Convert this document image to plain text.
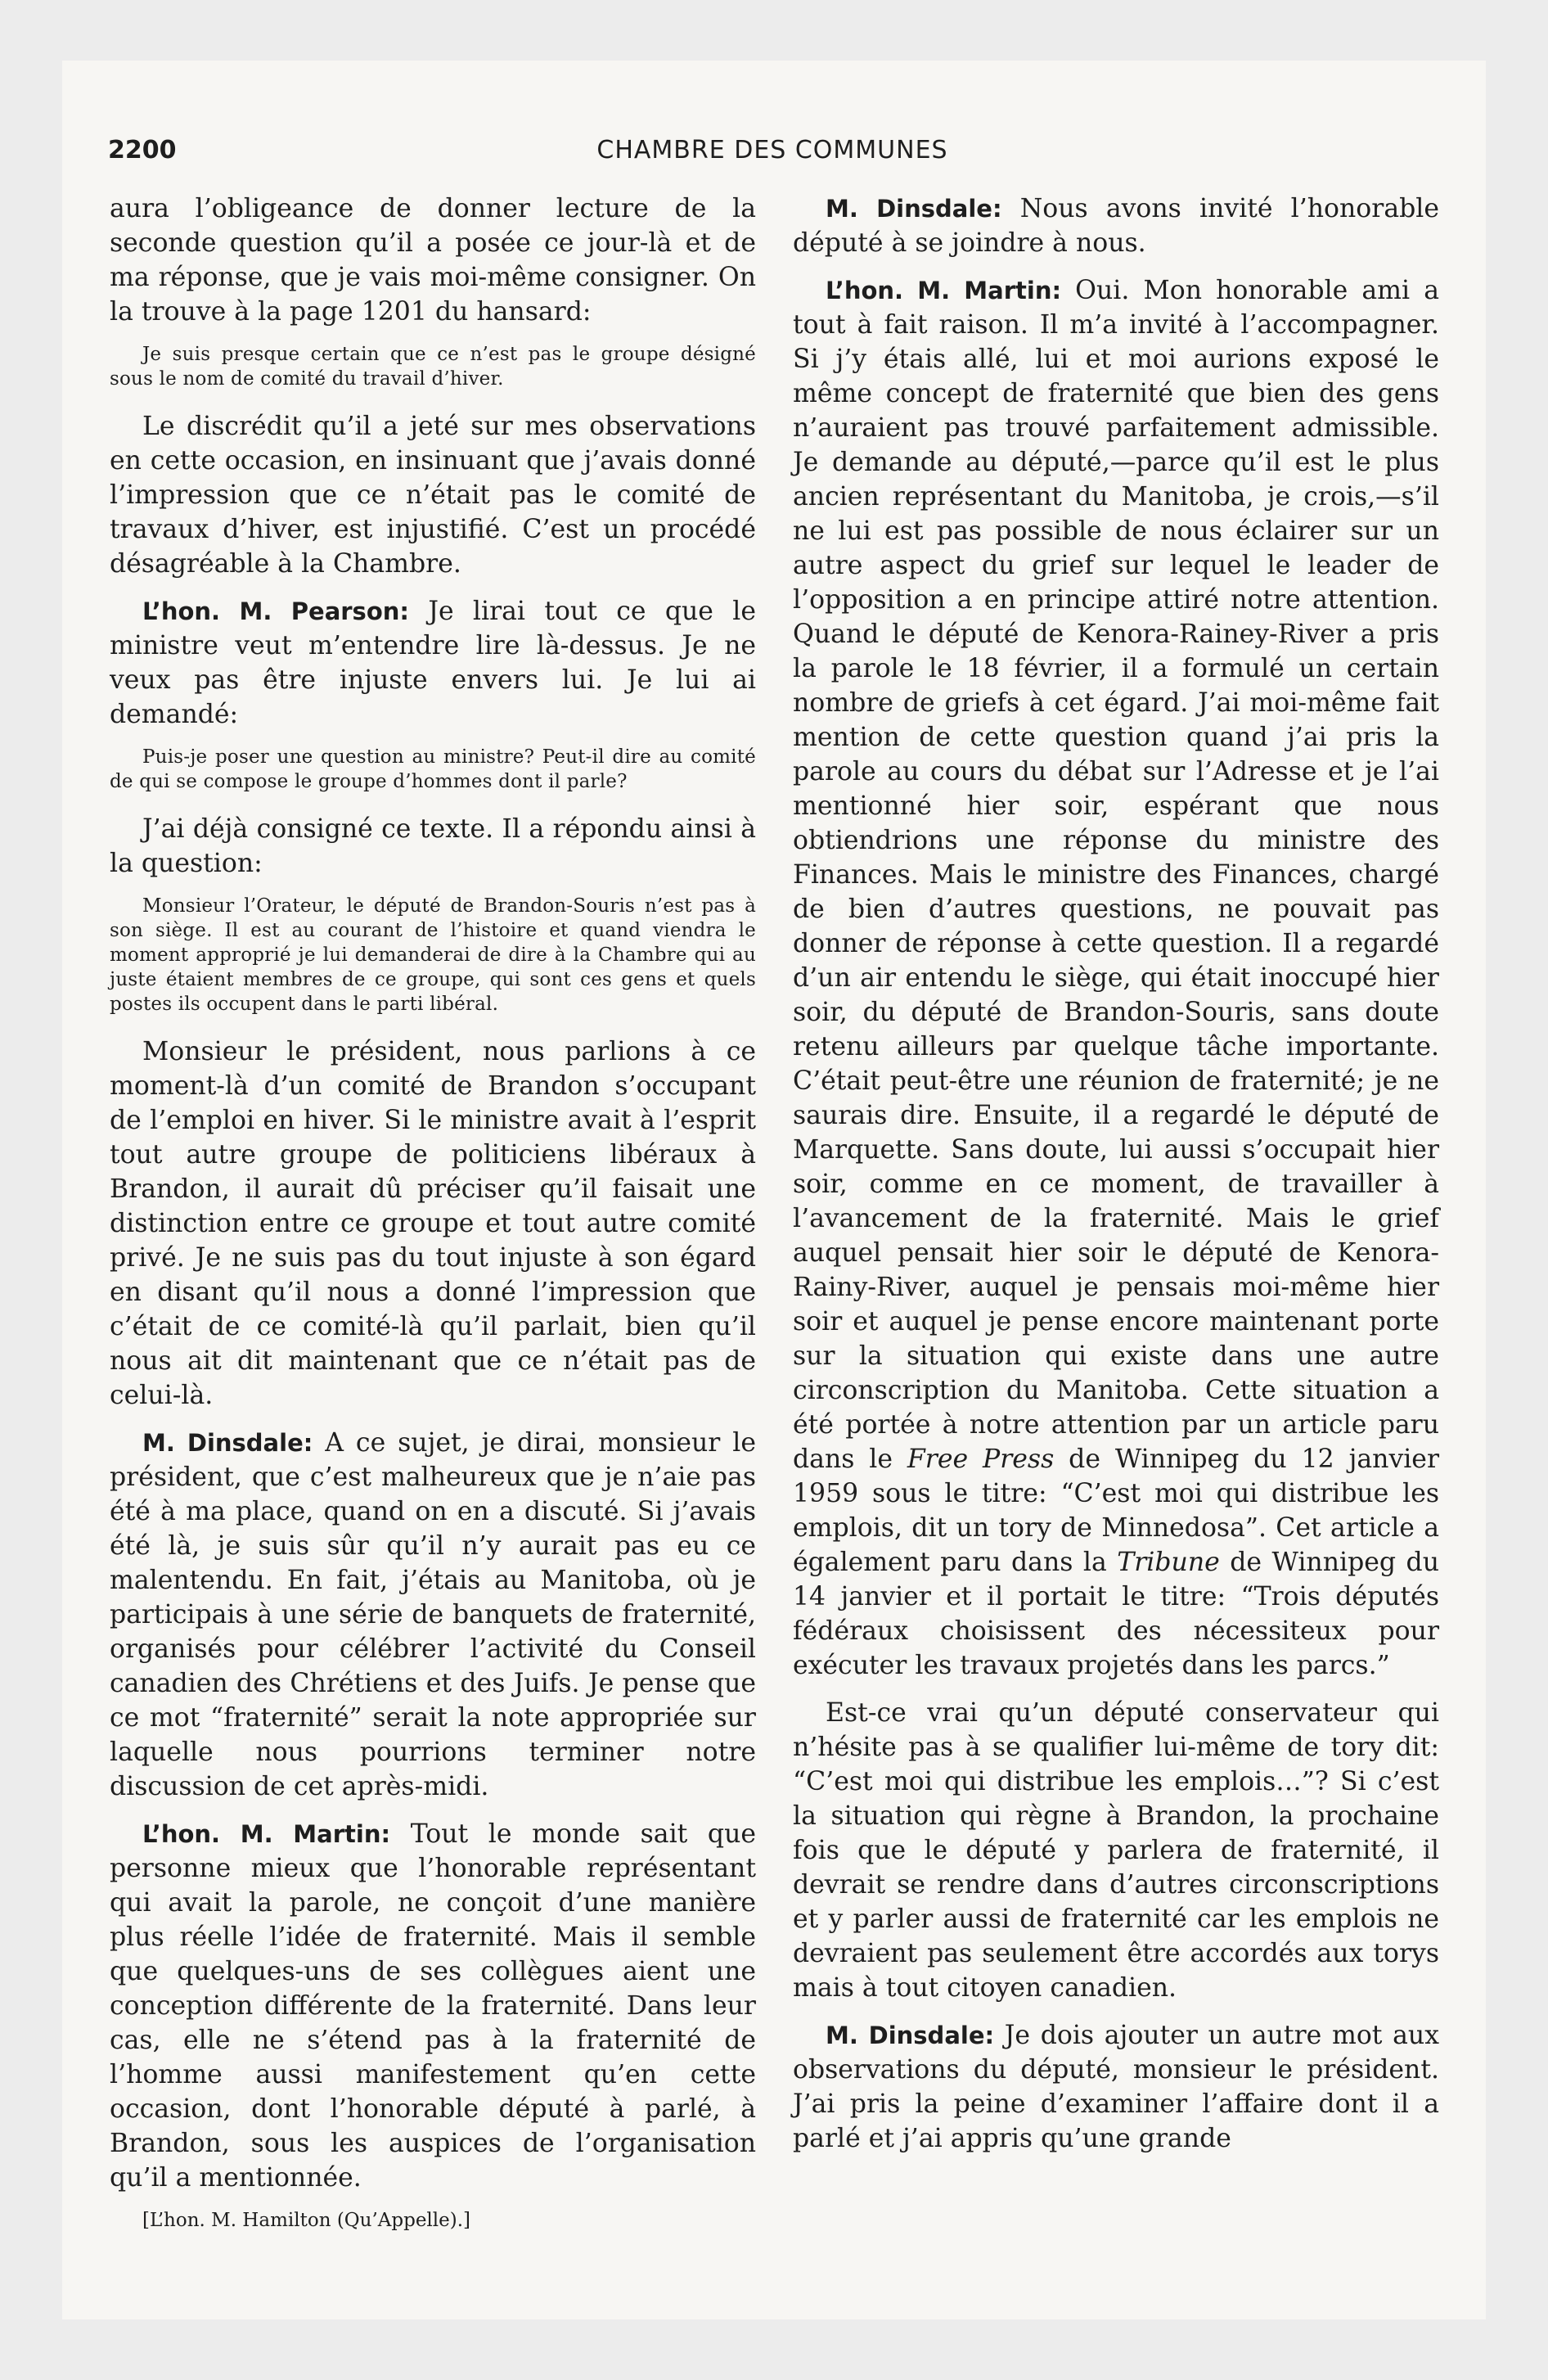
2200	CHAMBRE DES COMMUNES

aura l’obligeance de donner lecture de la seconde question qu’il a posée ce jour-là et de ma réponse, que je vais moi-même consigner. On la trouve à la page 1201 du hansard:

Je suis presque certain que ce n’est pas le groupe désigné sous le nom de comité du travail d’hiver.

Le discrédit qu’il a jeté sur mes observations en cette occasion, en insinuant que j’avais donné l’impression que ce n’était pas le comité de travaux d’hiver, est injustifié. C’est un procédé désagréable à la Chambre.

L’hon. M. Pearson: Je lirai tout ce que le ministre veut m’entendre lire là-dessus. Je ne veux pas être injuste envers lui. Je lui ai demandé:

Puis-je poser une question au ministre? Peut-il dire au comité de qui se compose le groupe d’hommes dont il parle?

J’ai déjà consigné ce texte. Il a répondu ainsi à la question:

Monsieur l’Orateur, le député de Brandon-Souris n’est pas à son siège. Il est au courant de l’histoire et quand viendra le moment approprié je lui demanderai de dire à la Chambre qui au juste étaient membres de ce groupe, qui sont ces gens et quels postes ils occupent dans le parti libéral.

Monsieur le président, nous parlions à ce moment-là d’un comité de Brandon s’occupant de l’emploi en hiver. Si le ministre avait à l’esprit tout autre groupe de politiciens libéraux à Brandon, il aurait dû préciser qu’il faisait une distinction entre ce groupe et tout autre comité privé. Je ne suis pas du tout injuste à son égard en disant qu’il nous a donné l’impression que c’était de ce comité-là qu’il parlait, bien qu’il nous ait dit maintenant que ce n’était pas de celui-là.

M. Dinsdale: A ce sujet, je dirai, monsieur le président, que c’est malheureux que je n’aie pas été à ma place, quand on en a discuté. Si j’avais été là, je suis sûr qu’il n’y aurait pas eu ce malentendu. En fait, j’étais au Manitoba, où je participais à une série de banquets de fraternité, organisés pour célébrer l’activité du Conseil canadien des Chrétiens et des Juifs. Je pense que ce mot “fraternité” serait la note appropriée sur laquelle nous pourrions terminer notre discussion de cet après-midi.

L’hon. M. Martin: Tout le monde sait que personne mieux que l’honorable représentant qui avait la parole, ne conçoit d’une manière plus réelle l’idée de fraternité. Mais il semble que quelques-uns de ses collègues aient une conception différente de la fraternité. Dans leur cas, elle ne s’étend pas à la fraternité de l’homme aussi manifestement qu’en cette occasion, dont l’honorable député à parlé, à Brandon, sous les auspices de l’organisation qu’il a mentionnée.

[L’hon. M. Hamilton (Qu’Appelle).]

M. Dinsdale: Nous avons invité l’honorable député à se joindre à nous.

L’hon. M. Martin: Oui. Mon honorable ami a tout à fait raison. Il m’a invité à l’accompagner. Si j’y étais allé, lui et moi aurions exposé le même concept de fraternité que bien des gens n’auraient pas trouvé parfaitement admissible. Je demande au député,—parce qu’il est le plus ancien représentant du Manitoba, je crois,—s’il ne lui est pas possible de nous éclairer sur un autre aspect du grief sur lequel le leader de l’opposition a en principe attiré notre attention. Quand le député de Kenora-Rainey-River a pris la parole le 18 février, il a formulé un certain nombre de griefs à cet égard. J’ai moi-même fait mention de cette question quand j’ai pris la parole au cours du débat sur l’Adresse et je l’ai mentionné hier soir, espérant que nous obtiendrions une réponse du ministre des Finances. Mais le ministre des Finances, chargé de bien d’autres questions, ne pouvait pas donner de réponse à cette question. Il a regardé d’un air entendu le siège, qui était inoccupé hier soir, du député de Brandon-Souris, sans doute retenu ailleurs par quelque tâche importante. C’était peut-être une réunion de fraternité; je ne saurais dire. Ensuite, il a regardé le député de Marquette. Sans doute, lui aussi s’occupait hier soir, comme en ce moment, de travailler à l’avancement de la fraternité. Mais le grief auquel pensait hier soir le député de Kenora-Rainy-River, auquel je pensais moi-même hier soir et auquel je pense encore maintenant porte sur la situation qui existe dans une autre circonscription du Manitoba. Cette situation a été portée à notre attention par un article paru dans le Free Press de Winnipeg du 12 janvier 1959 sous le titre: “C’est moi qui distribue les emplois, dit un tory de Minnedosa”. Cet article a également paru dans la Tribune de Winnipeg du 14 janvier et il portait le titre: “Trois députés fédéraux choisissent des nécessiteux pour exécuter les travaux projetés dans les parcs.”

Est-ce vrai qu’un député conservateur qui n’hésite pas à se qualifier lui-même de tory dit: “C’est moi qui distribue les emplois…”? Si c’est la situation qui règne à Brandon, la prochaine fois que le député y parlera de fraternité, il devrait se rendre dans d’autres circonscriptions et y parler aussi de fraternité car les emplois ne devraient pas seulement être accordés aux torys mais à tout citoyen canadien.

M. Dinsdale: Je dois ajouter un autre mot aux observations du député, monsieur le président. J’ai pris la peine d’examiner l’affaire dont il a parlé et j’ai appris qu’une grande
